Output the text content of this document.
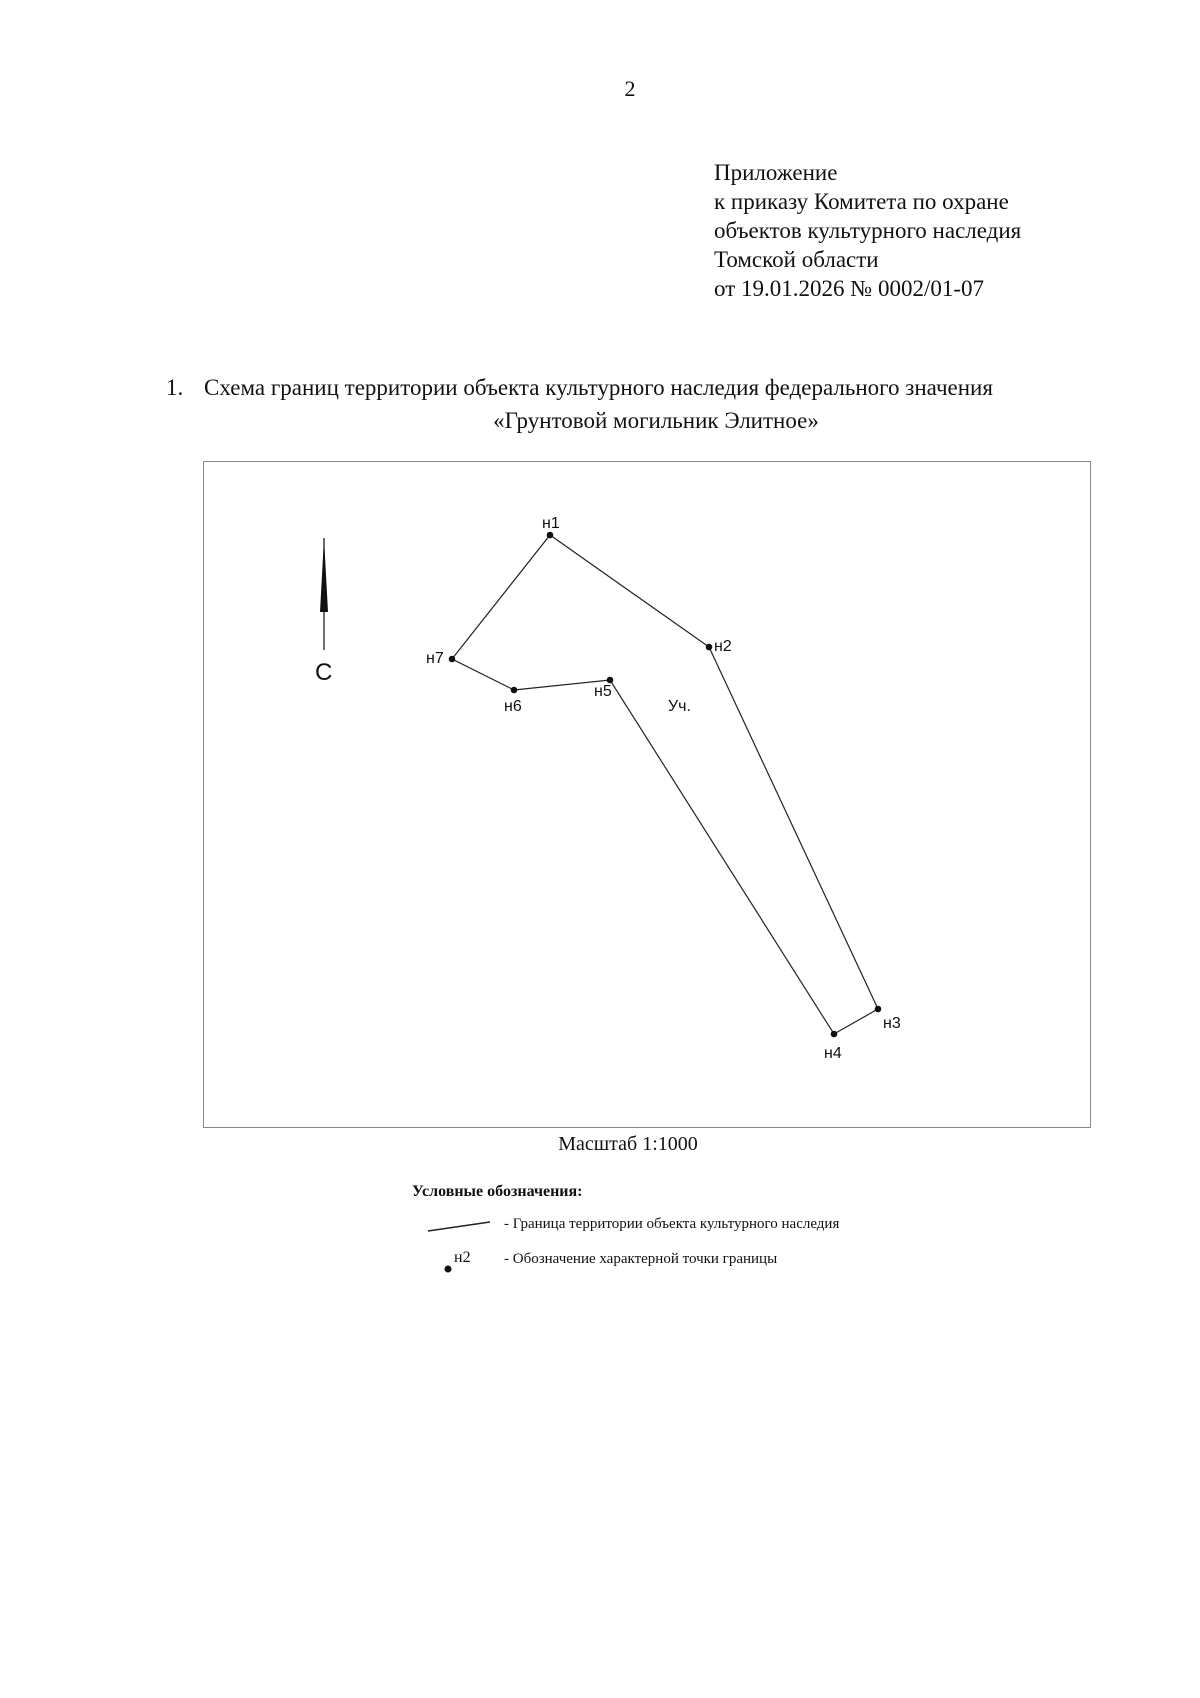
2
Приложение
к приказу Комитета по охране
объектов культурного наследия
Томской области
от 19.01.2026 № 0002/01-07
1. Схема границ территории объекта культурного наследия федерального значения
«Грунтовой могильник Элитное»
С
н1
н2
н3
н4
н5
н6
н7
Уч.
Масштаб 1:1000
Условные обозначения:
- Граница территории объекта культурного наследия
н2 - Обозначение характерной точки границы
